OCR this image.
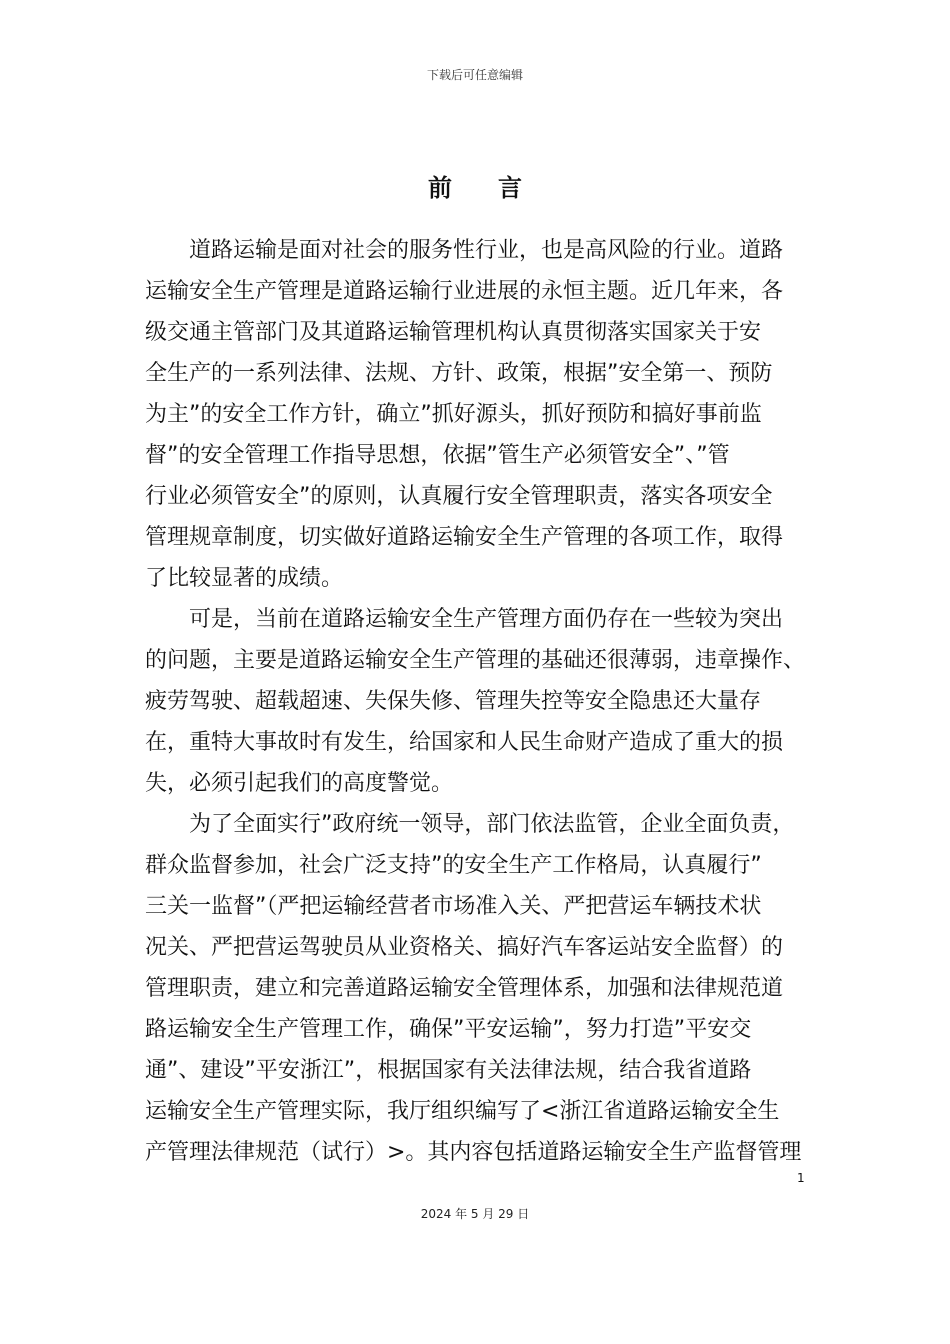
下载后可任意编辑
前言
道路运输是面对社会的服务性行业，也是高风险的行业。道路
运输安全生产管理是道路运输行业进展的永恒主题。近几年来，各
级交通主管部门及其道路运输管理机构认真贯彻落实国家关于安
全生产的一系列法律、法规、方针、政策，根据”安全第一、预防
为主”的安全工作方针，确立”抓好源头，抓好预防和搞好事前监
督”的安全管理工作指导思想，依据”管生产必须管安全”、”管
行业必须管安全”的原则，认真履行安全管理职责，落实各项安全
管理规章制度，切实做好道路运输安全生产管理的各项工作，取得
了比较显著的成绩。
可是，当前在道路运输安全生产管理方面仍存在一些较为突出
的问题，主要是道路运输安全生产管理的基础还很薄弱，违章操作、
疲劳驾驶、超载超速、失保失修、管理失控等安全隐患还大量存
在，重特大事故时有发生，给国家和人民生命财产造成了重大的损
失，必须引起我们的高度警觉。
为了全面实行”政府统一领导，部门依法监管，企业全面负责，
群众监督参加，社会广泛支持”的安全生产工作格局，认真履行”
三关一监督”（严把运输经营者市场准入关、严把营运车辆技术状
况关、严把营运驾驶员从业资格关、搞好汽车客运站安全监督）的
管理职责，建立和完善道路运输安全管理体系，加强和法律规范道
路运输安全生产管理工作，确保”平安运输”，努力打造”平安交
通”、建设”平安浙江”，根据国家有关法律法规，结合我省道路
运输安全生产管理实际，我厅组织编写了<浙江省道路运输安全生
产管理法律规范（试行）>。其内容包括道路运输安全生产监督管理
1
2024 年 5 月 29 日
